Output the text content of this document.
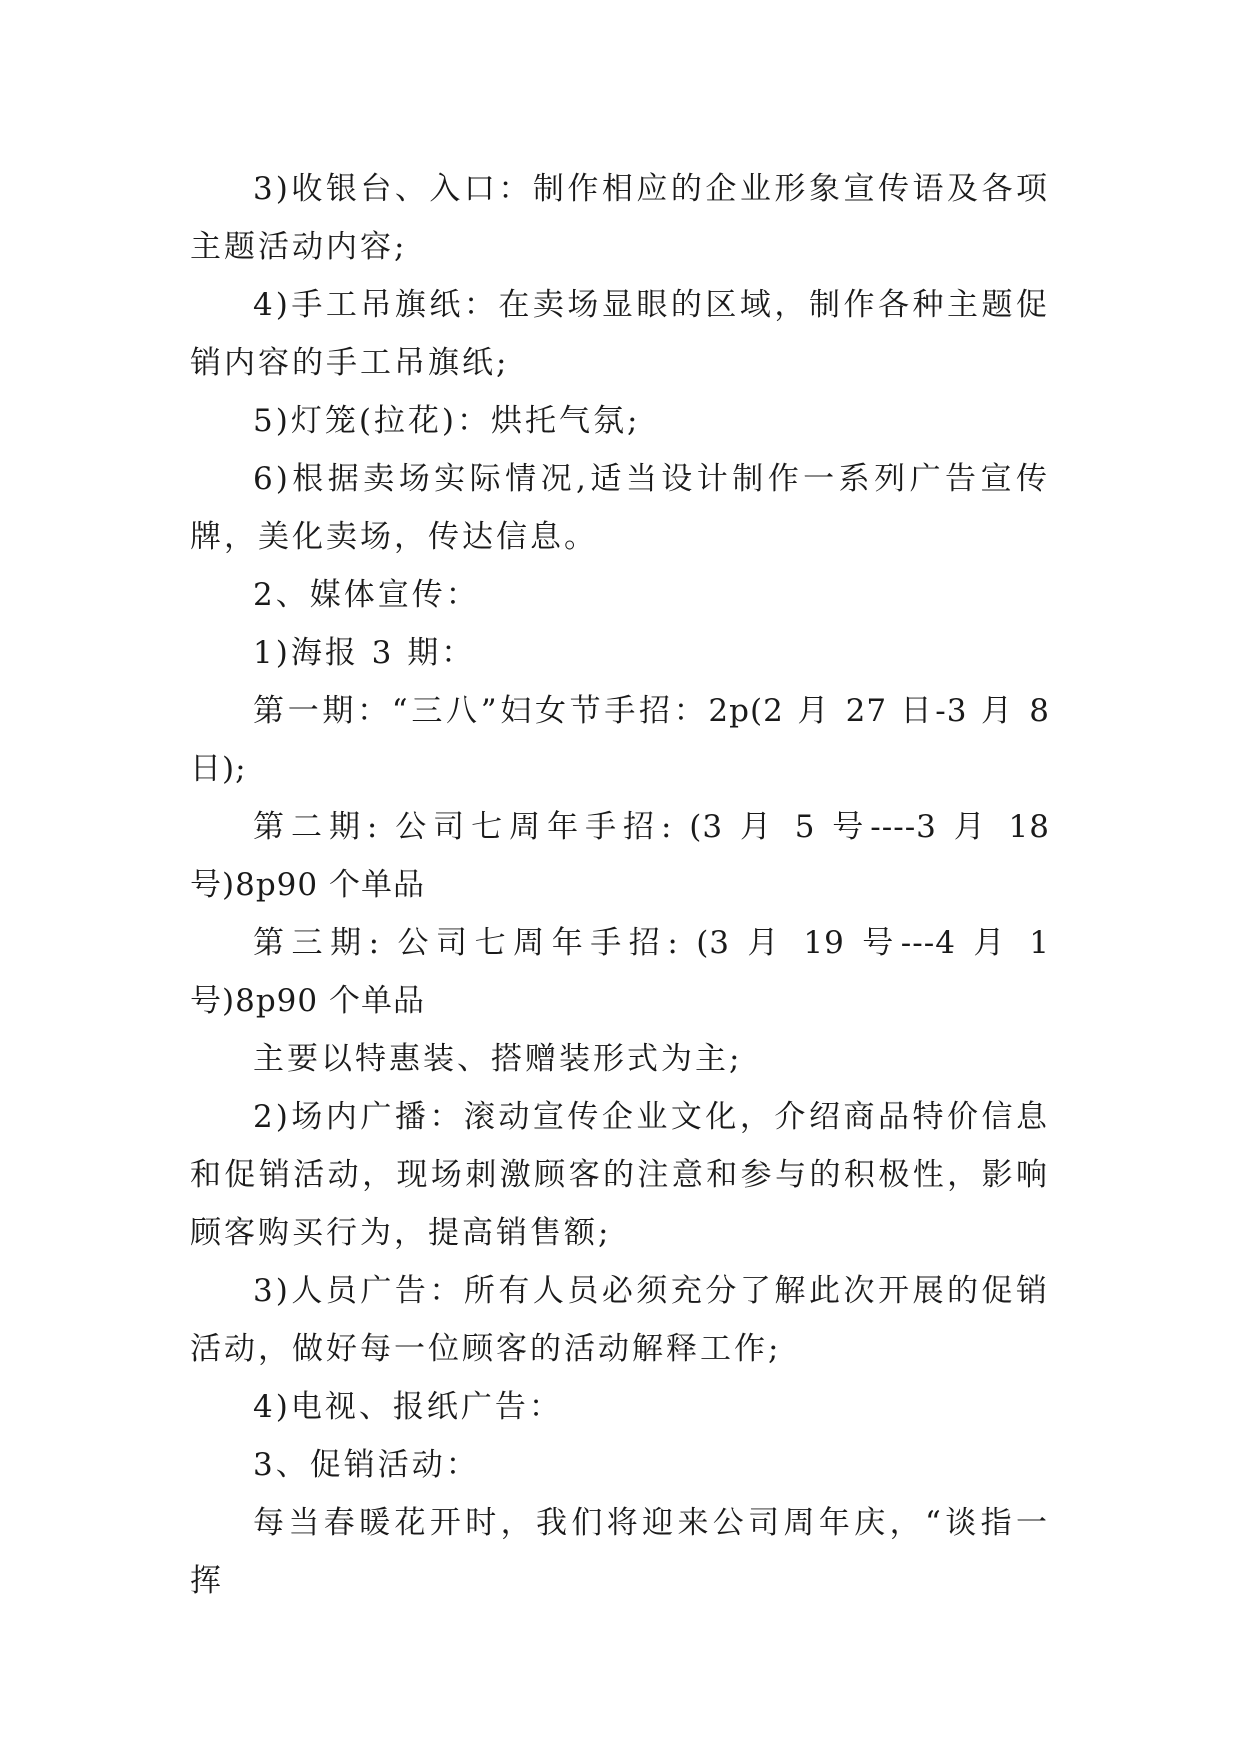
3)收银台、入口：制作相应的企业形象宣传语及各项主题活动内容;

4)手工吊旗纸：在卖场显眼的区域，制作各种主题促销内容的手工吊旗纸;

5)灯笼(拉花)：烘托气氛;

6)根据卖场实际情况,适当设计制作一系列广告宣传牌，美化卖场，传达信息。

2、媒体宣传：

1)海报 3 期：

第一期：“三八”妇女节手招：2p(2 月 27 日-3 月 8 日);

第二期: 公司七周年手招: (3 月 5 号----3 月 18 号)8p90 个单品

第三期: 公司七周年手招: (3 月 19 号---4 月 1 号)8p90 个单品

主要以特惠装、搭赠装形式为主;

2)场内广播：滚动宣传企业文化，介绍商品特价信息和促销活动，现场刺激顾客的注意和参与的积极性，影响顾客购买行为，提高销售额;

3)人员广告：所有人员必须充分了解此次开展的促销活动，做好每一位顾客的活动解释工作;

4)电视、报纸广告：

3、促销活动：

每当春暖花开时，我们将迎来公司周年庆，“谈指一挥
